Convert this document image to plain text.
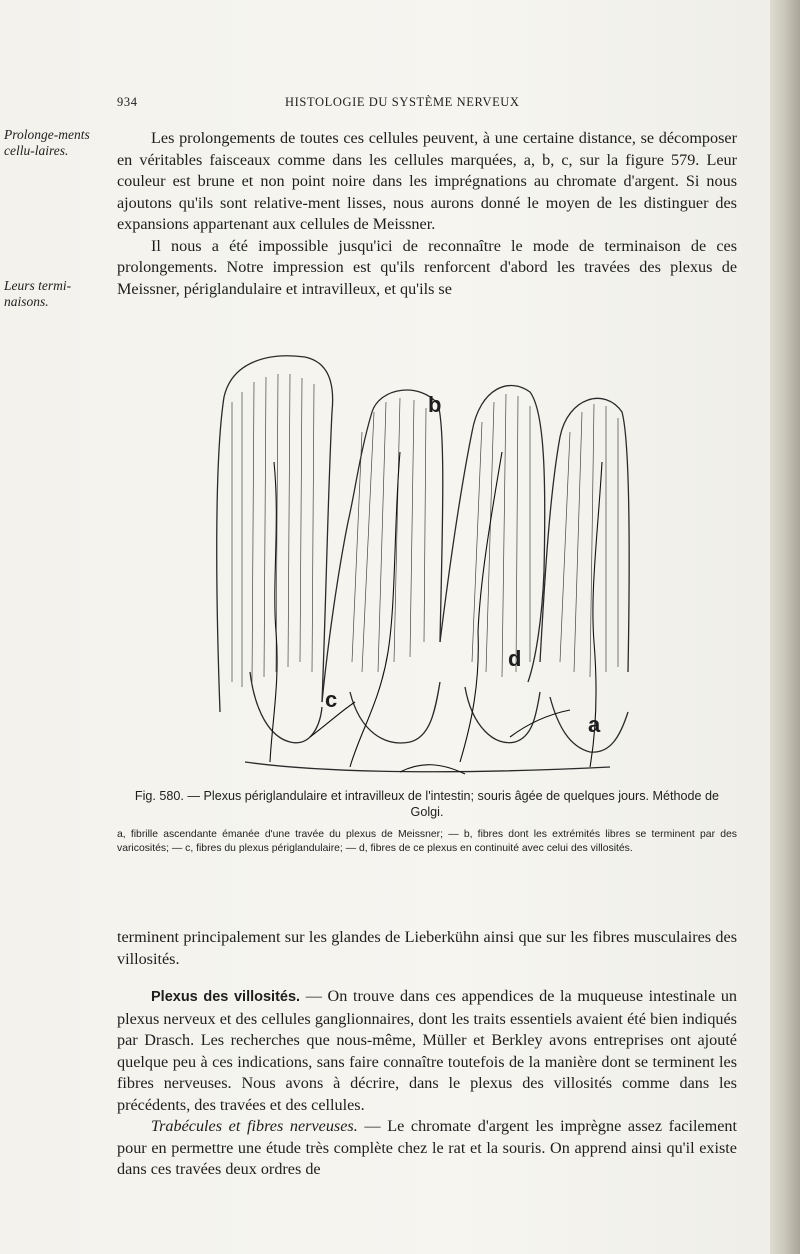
934	HISTOLOGIE DU SYSTÈME NERVEUX
Prolonge-ments cellu-laires.
Leurs termi-naisons.

Les prolongements de toutes ces cellules peuvent, à une certaine distance, se décomposer en véritables faisceaux comme dans les cellules marquées, a, b, c, sur la figure 579. Leur couleur est brune et non point noire dans les imprégnations au chromate d'argent. Si nous ajoutons qu'ils sont relative-ment lisses, nous aurons donné le moyen de les distinguer des expansions appartenant aux cellules de Meissner.

Il nous a été impossible jusqu'ici de reconnaître le mode de terminaison de ces prolongements. Notre impression est qu'ils renforcent d'abord les travées des plexus de Meissner, périglandulaire et intravilleux, et qu'ils se

b
d
c
a
Fig. 580. — Plexus périglandulaire et intravilleux de l'intestin; souris âgée de quelques jours. Méthode de Golgi.
a, fibrille ascendante émanée d'une travée du plexus de Meissner; — b, fibres dont les extrémités libres se terminent par des varicosités; — c, fibres du plexus périglandulaire; — d, fibres de ce plexus en continuité avec celui des villosités.

terminent principalement sur les glandes de Lieberkühn ainsi que sur les fibres musculaires des villosités.

Plexus des villosités. — On trouve dans ces appendices de la muqueuse intestinale un plexus nerveux et des cellules ganglionnaires, dont les traits essentiels avaient été bien indiqués par Drasch. Les recherches que nous-même, Müller et Berkley avons entreprises ont ajouté quelque peu à ces indications, sans faire connaître toutefois de la manière dont se terminent les fibres nerveuses. Nous avons à décrire, dans le plexus des villosités comme dans les précédents, des travées et des cellules.

Trabécules et fibres nerveuses. — Le chromate d'argent les imprègne assez facilement pour en permettre une étude très complète chez le rat et la souris. On apprend ainsi qu'il existe dans ces travées deux ordres de
